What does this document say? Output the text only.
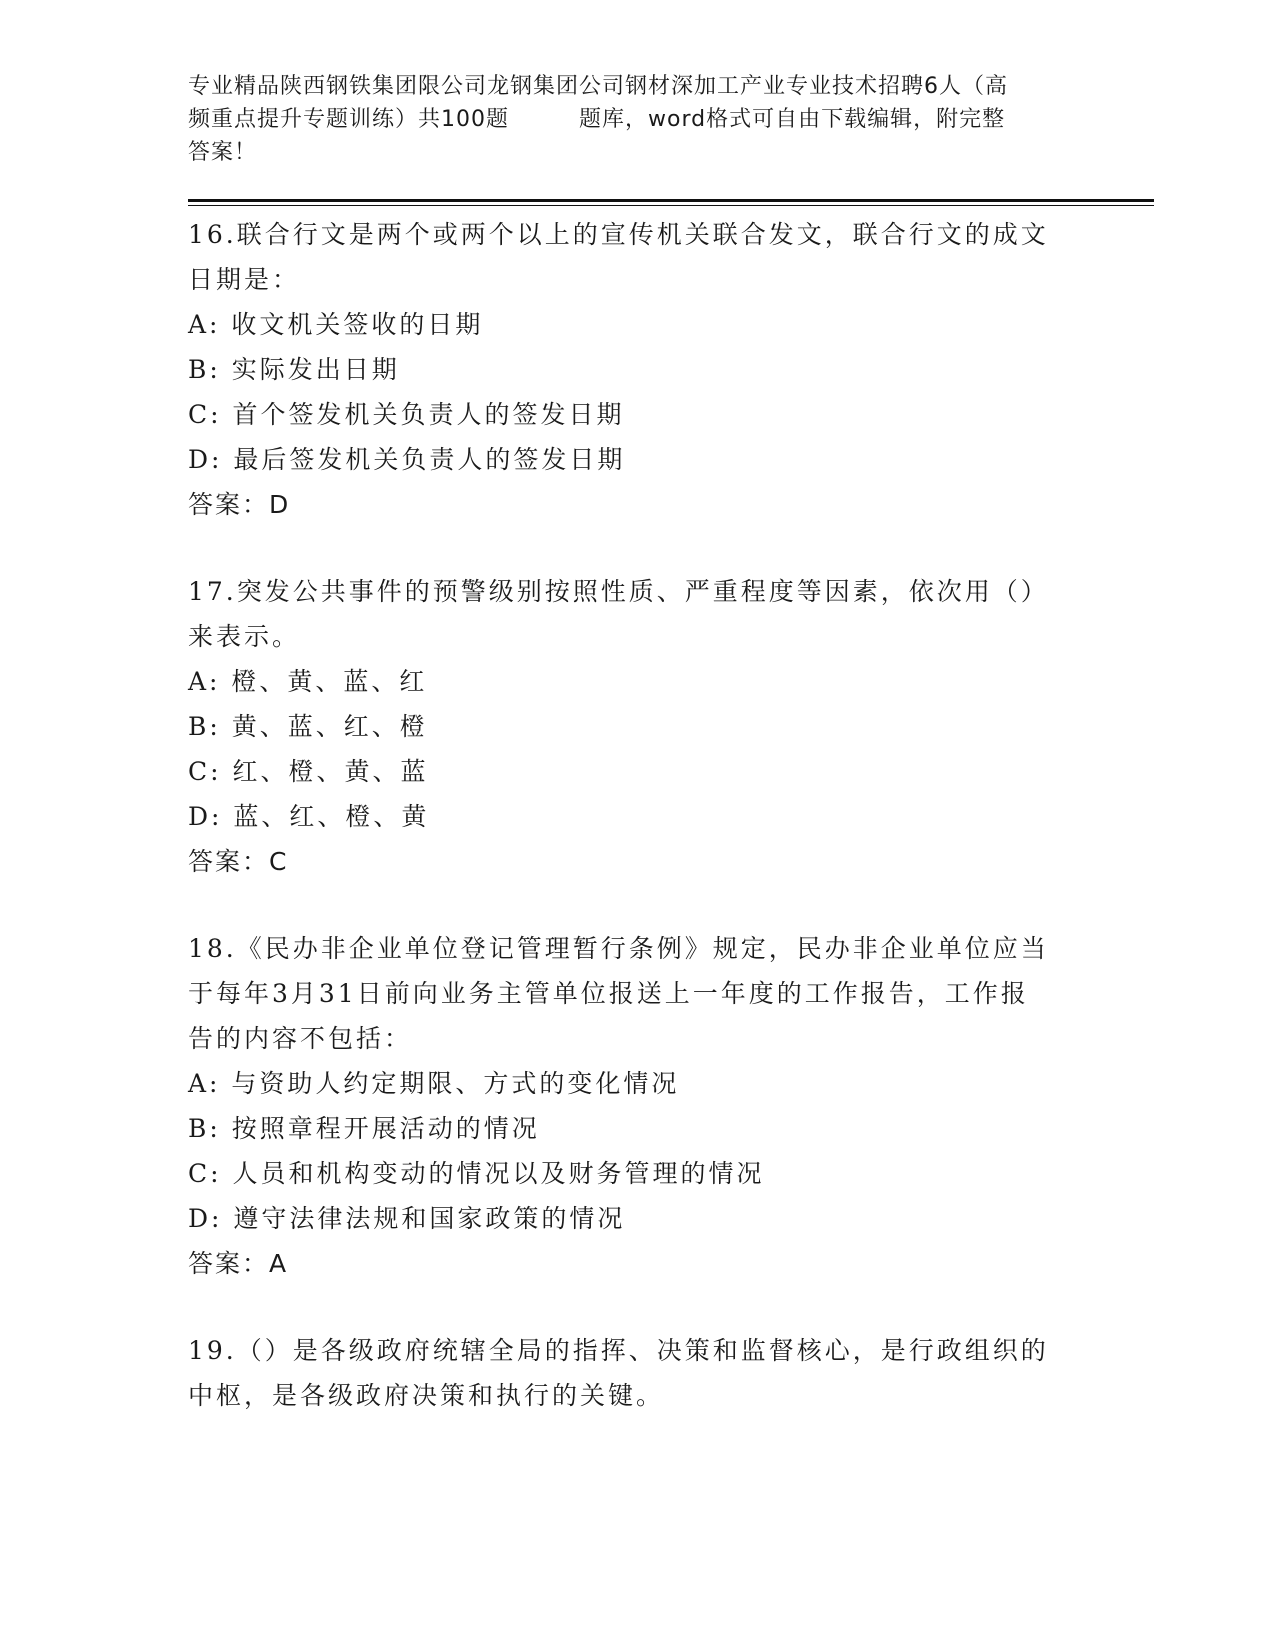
专业精品陕西钢铁集团限公司龙钢集团公司钢材深加工产业专业技术招聘6人（高
频重点提升专题训练）共100题	题库，word格式可自由下载编辑，附完整
答案！
16.联合行文是两个或两个以上的宣传机关联合发文，联合行文的成文
日期是：
A: 收文机关签收的日期
B: 实际发出日期
C: 首个签发机关负责人的签发日期
D: 最后签发机关负责人的签发日期
答案：D
17.突发公共事件的预警级别按照性质、严重程度等因素，依次用（）
来表示。
A: 橙、黄、蓝、红
B: 黄、蓝、红、橙
C: 红、橙、黄、蓝
D: 蓝、红、橙、黄
答案：C
18.《民办非企业单位登记管理暂行条例》规定，民办非企业单位应当
于每年3月31日前向业务主管单位报送上一年度的工作报告，工作报
告的内容不包括：
A: 与资助人约定期限、方式的变化情况
B: 按照章程开展活动的情况
C: 人员和机构变动的情况以及财务管理的情况
D: 遵守法律法规和国家政策的情况
答案：A
19.（）是各级政府统辖全局的指挥、决策和监督核心，是行政组织的
中枢，是各级政府决策和执行的关键。
